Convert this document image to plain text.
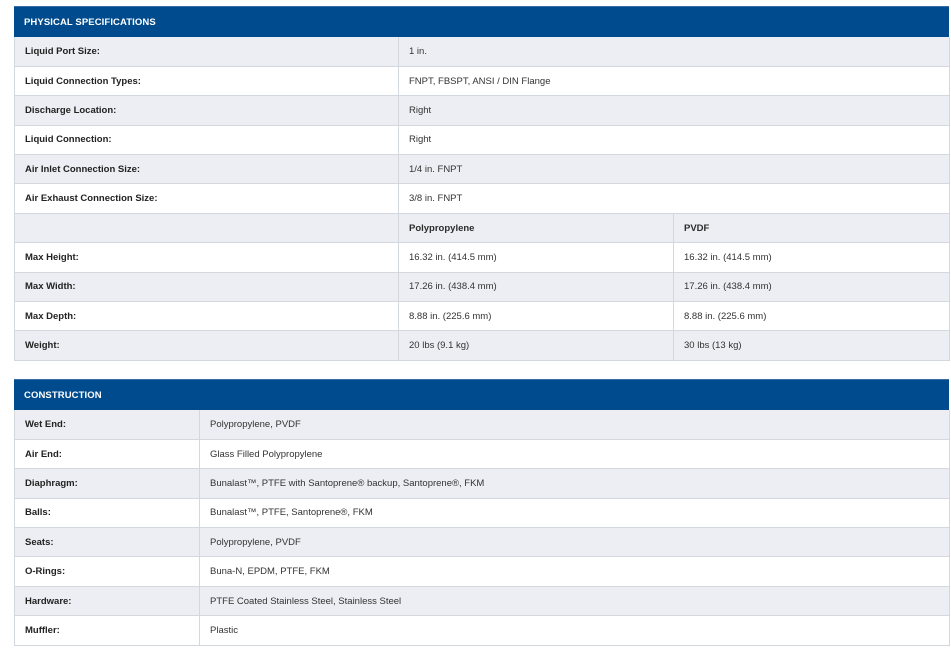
PHYSICAL SPECIFICATIONS
Liquid Port Size:	1 in.	
Liquid Connection Types:	FNPT, FBSPT, ANSI / DIN Flange	
Discharge Location:	Right	
Liquid Connection:	Right	
Air Inlet Connection Size:	1/4 in. FNPT	
Air Exhaust Connection Size:	3/8 in. FNPT	
	Polypropylene	PVDF
Max Height:	16.32 in. (414.5 mm)	16.32 in. (414.5 mm)
Max Width:	17.26 in. (438.4 mm)	17.26 in. (438.4 mm)
Max Depth:	8.88 in. (225.6 mm)	8.88 in. (225.6 mm)
Weight:	20 lbs (9.1 kg)	30 lbs (13 kg)
CONSTRUCTION
Wet End:	Polypropylene, PVDF
Air End:	Glass Filled Polypropylene
Diaphragm:	Bunalast™, PTFE with Santoprene® backup, Santoprene®, FKM
Balls:	Bunalast™, PTFE, Santoprene®, FKM
Seats:	Polypropylene, PVDF
O-Rings:	Buna-N, EPDM, PTFE, FKM
Hardware:	PTFE Coated Stainless Steel, Stainless Steel
Muffler:	Plastic
